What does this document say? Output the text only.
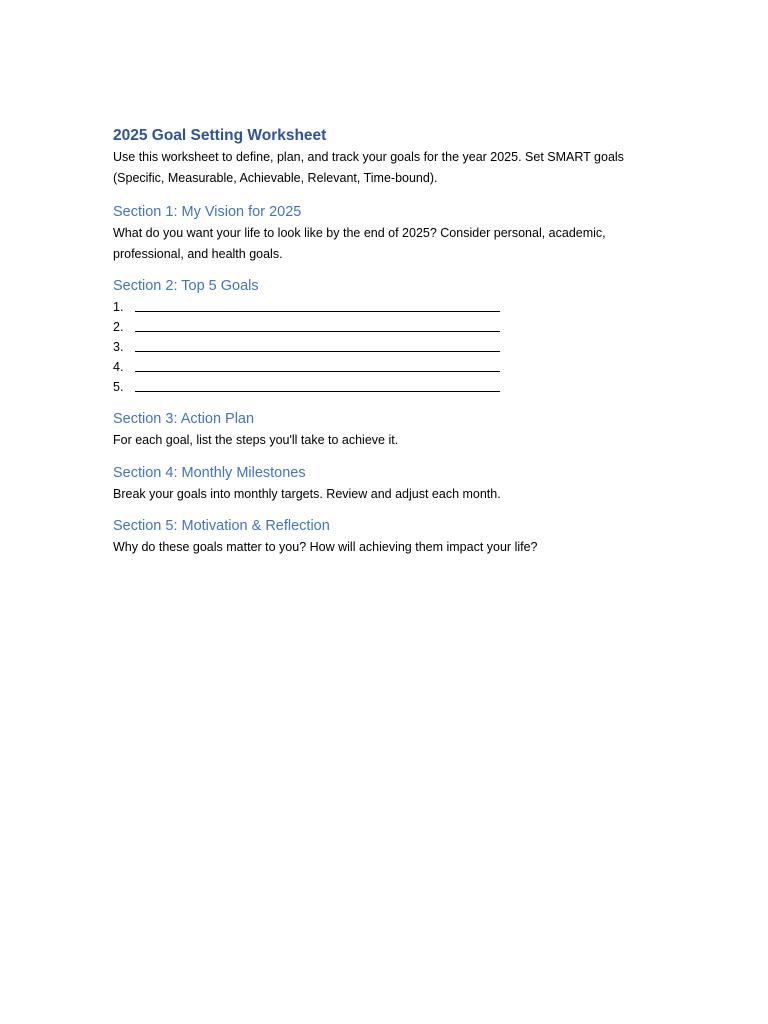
2025 Goal Setting Worksheet

Use this worksheet to define, plan, and track your goals for the year 2025. Set SMART goals (Specific, Measurable, Achievable, Relevant, Time-bound).

Section 1: My Vision for 2025

What do you want your life to look like by the end of 2025? Consider personal, academic, professional, and health goals.

Section 2: Top 5 Goals
1.
2.
3.
4.
5.
Section 3: Action Plan

For each goal, list the steps you'll take to achieve it.

Section 4: Monthly Milestones

Break your goals into monthly targets. Review and adjust each month.

Section 5: Motivation & Reflection

Why do these goals matter to you? How will achieving them impact your life?
